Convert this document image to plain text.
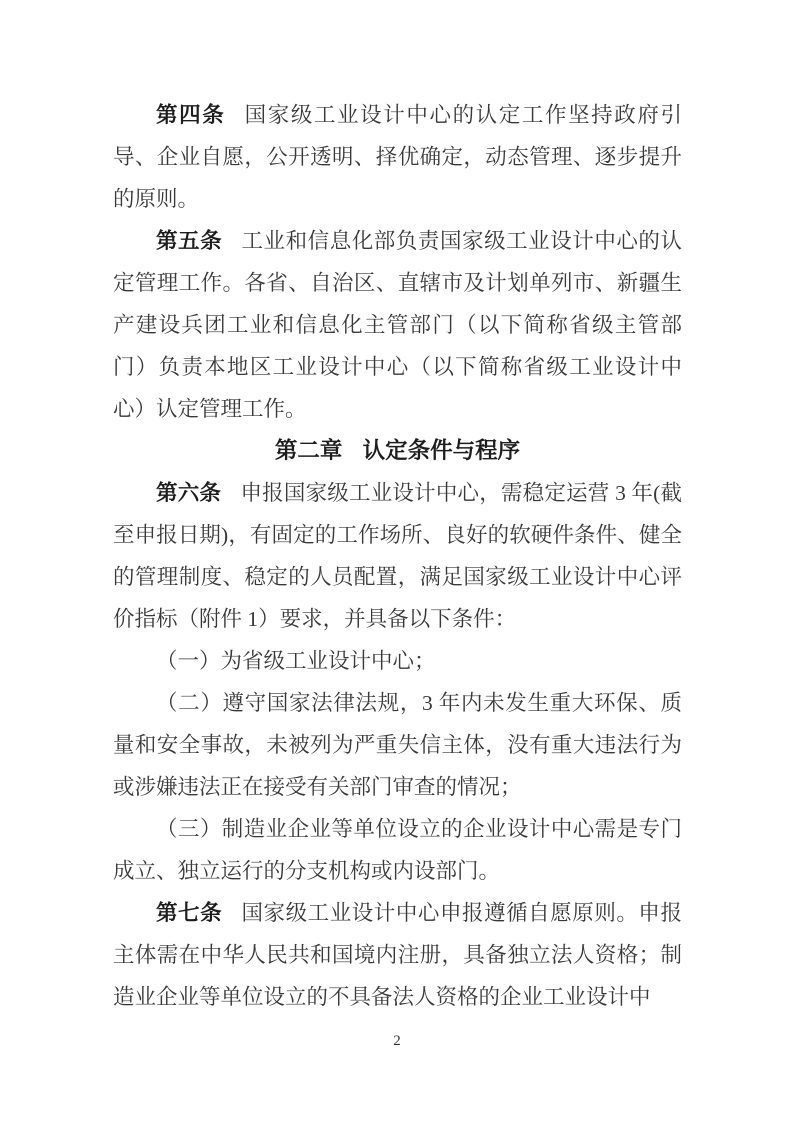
第四条 国家级工业设计中心的认定工作坚持政府引导、企业自愿，公开透明、择优确定，动态管理、逐步提升的原则。

第五条 工业和信息化部负责国家级工业设计中心的认定管理工作。各省、自治区、直辖市及计划单列市、新疆生产建设兵团工业和信息化主管部门（以下简称省级主管部门）负责本地区工业设计中心（以下简称省级工业设计中心）认定管理工作。

第二章 认定条件与程序

第六条 申报国家级工业设计中心，需稳定运营 3 年(截至申报日期)，有固定的工作场所、良好的软硬件条件、健全的管理制度、稳定的人员配置，满足国家级工业设计中心评价指标（附件 1）要求，并具备以下条件：

（一）为省级工业设计中心；

（二）遵守国家法律法规，3 年内未发生重大环保、质量和安全事故，未被列为严重失信主体，没有重大违法行为或涉嫌违法正在接受有关部门审查的情况；

（三）制造业企业等单位设立的企业设计中心需是专门成立、独立运行的分支机构或内设部门。

第七条 国家级工业设计中心申报遵循自愿原则。申报主体需在中华人民共和国境内注册，具备独立法人资格；制造业企业等单位设立的不具备法人资格的企业工业设计中

2
